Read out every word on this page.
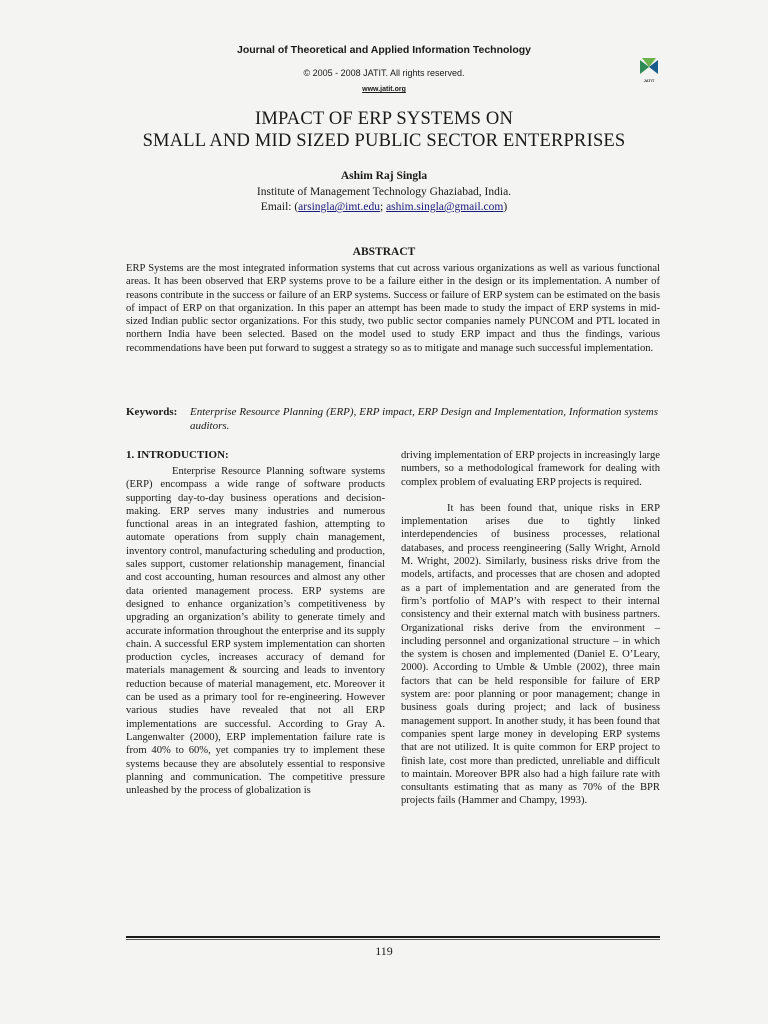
Journal of Theoretical and Applied Information Technology
© 2005 - 2008 JATIT. All rights reserved.
www.jatit.org
JATIT
IMPACT OF ERP SYSTEMS ON
SMALL AND MID SIZED PUBLIC SECTOR ENTERPRISES
Ashim Raj Singla
Institute of Management Technology Ghaziabad, India.
Email: (arsingla@imt.edu; ashim.singla@gmail.com)
ABSTRACT
ERP Systems are the most integrated information systems that cut across various organizations as well as various functional areas. It has been observed that ERP systems prove to be a failure either in the design or its implementation. A number of reasons contribute in the success or failure of an ERP systems. Success or failure of ERP system can be estimated on the basis of impact of ERP on that organization. In this paper an attempt has been made to study the impact of ERP systems in mid-sized Indian public sector organizations. For this study, two public sector companies namely PUNCOM and PTL located in northern India have been selected. Based on the model used to study ERP impact and thus the findings, various recommendations have been put forward to suggest a strategy so as to mitigate and manage such successful implementation.
Keywords: Enterprise Resource Planning (ERP), ERP impact, ERP Design and Implementation, Information systems auditors.
1. INTRODUCTION:

Enterprise Resource Planning software systems (ERP) encompass a wide range of software products supporting day-to-day business operations and decision-making. ERP serves many industries and numerous functional areas in an integrated fashion, attempting to automate operations from supply chain management, inventory control, manufacturing scheduling and production, sales support, customer relationship management, financial and cost accounting, human resources and almost any other data oriented management process. ERP systems are designed to enhance organization’s competitiveness by upgrading an organization’s ability to generate timely and accurate information throughout the enterprise and its supply chain. A successful ERP system implementation can shorten production cycles, increases accuracy of demand for materials management & sourcing and leads to inventory reduction because of material management, etc. Moreover it can be used as a primary tool for re-engineering. However various studies have revealed that not all ERP implementations are successful. According to Gray A. Langenwalter (2000), ERP implementation failure rate is from 40% to 60%, yet companies try to implement these systems because they are absolutely essential to responsive planning and communication. The competitive pressure unleashed by the process of globalization is

driving implementation of ERP projects in increasingly large numbers, so a methodological framework for dealing with complex problem of evaluating ERP projects is required.

It has been found that, unique risks in ERP implementation arises due to tightly linked interdependencies of business processes, relational databases, and process reengineering (Sally Wright, Arnold M. Wright, 2002). Similarly, business risks drive from the models, artifacts, and processes that are chosen and adopted as a part of implementation and are generated from the firm’s portfolio of MAP’s with respect to their internal consistency and their external match with business partners. Organizational risks derive from the environment – including personnel and organizational structure – in which the system is chosen and implemented (Daniel E. O’Leary, 2000). According to Umble & Umble (2002), three main factors that can be held responsible for failure of ERP system are: poor planning or poor management; change in business goals during project; and lack of business management support. In another study, it has been found that companies spent large money in developing ERP systems that are not utilized. It is quite common for ERP project to finish late, cost more than predicted, unreliable and difficult to maintain. Moreover BPR also had a high failure rate with consultants estimating that as many as 70% of the BPR projects fails (Hammer and Champy, 1993).

119
